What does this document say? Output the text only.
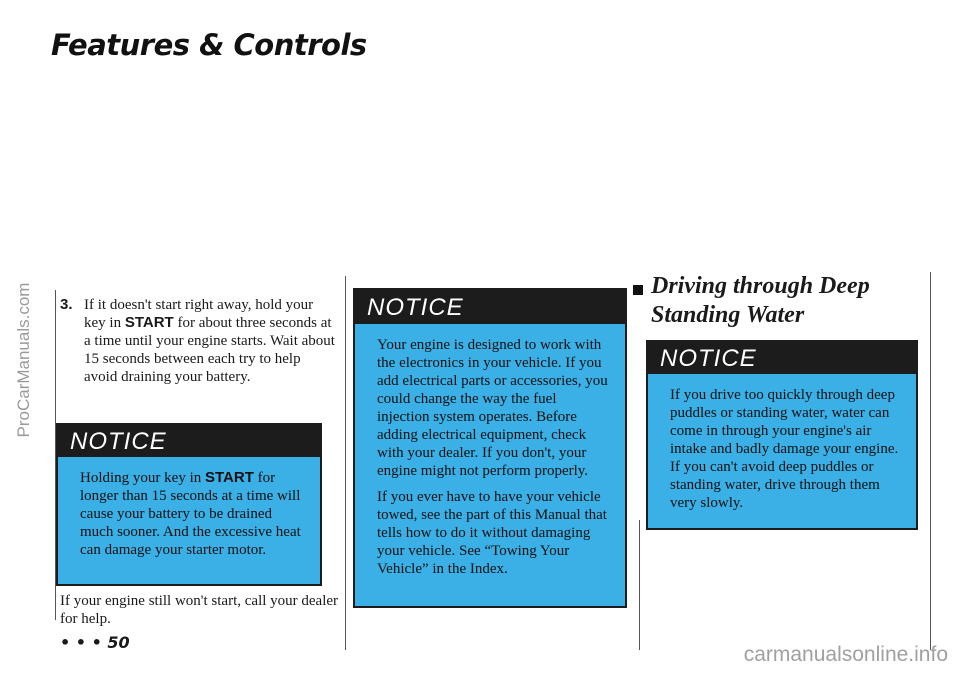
Features & Controls
ProCarManuals.com 3. If it doesn't start right away, hold your key in START for about three seconds at a time until your engine starts. Wait about 15 seconds between each try to help avoid draining your battery.
NOTICE
Holding your key in START for longer than 15 seconds at a time will cause your battery to be drained much sooner. And the excessive heat can damage your starter motor.
If your engine still won't start, call your dealer for help.
• • • 50
NOTICE

Your engine is designed to work with the electronics in your vehicle. If you add electrical parts or accessories, you could change the way the fuel injection system operates. Before adding electrical equipment, check with your dealer. If you don't, your engine might not perform properly.

If you ever have to have your vehicle towed, see the part of this Manual that tells how to do it without damaging your vehicle. See “Towing Your Vehicle” in the Index.

Driving through Deep Standing Water
NOTICE
If you drive too quickly through deep puddles or standing water, water can come in through your engine's air intake and badly damage your engine. If you can't avoid deep puddles or standing water, drive through them very slowly.
carmanualsonline.info
